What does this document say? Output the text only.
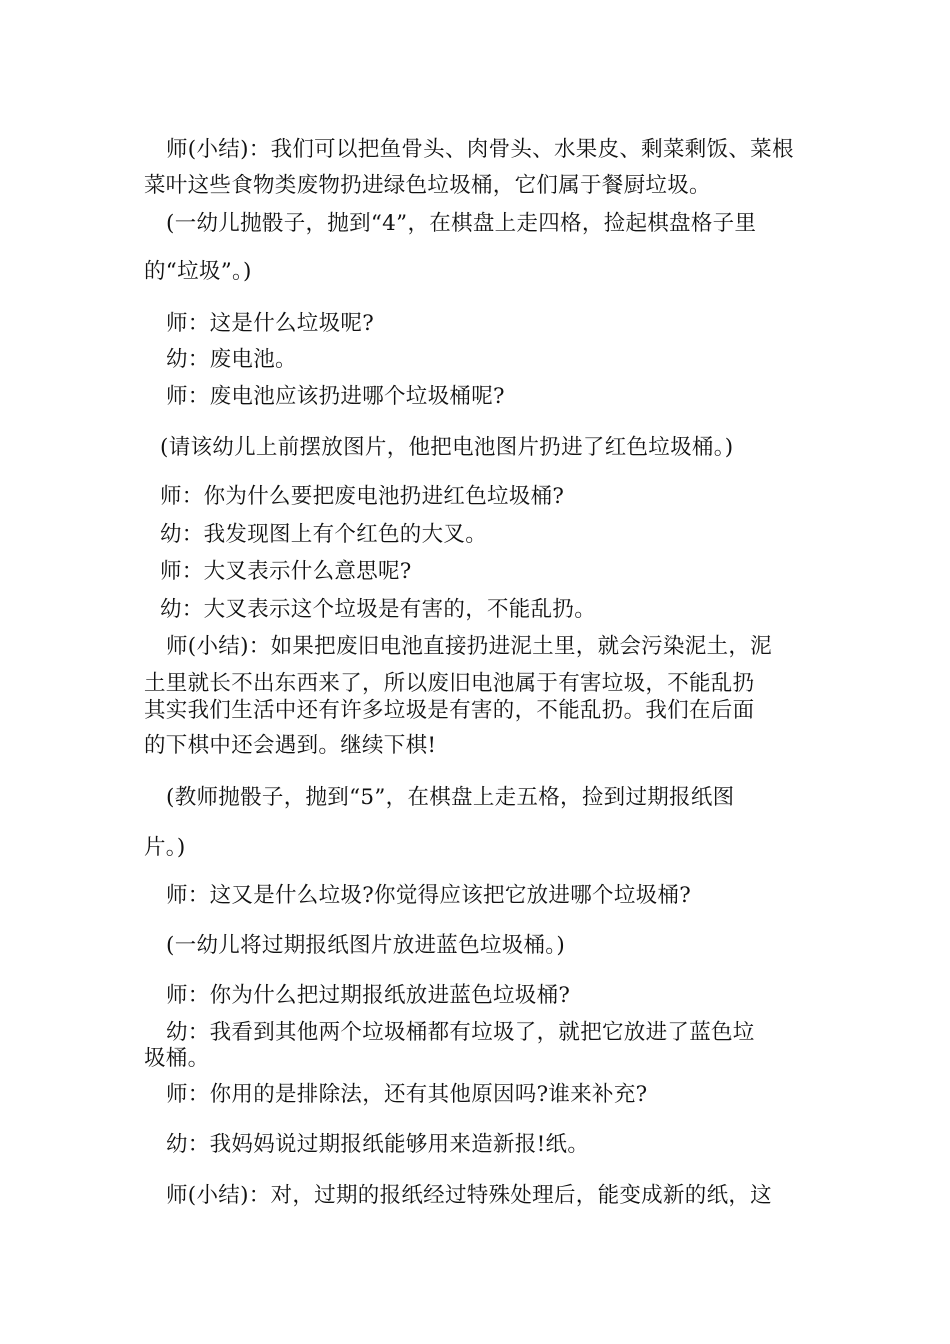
师(小结)：我们可以把鱼骨头、肉骨头、水果皮、剩菜剩饭、菜根
菜叶这些食物类废物扔进绿色垃圾桶，它们属于餐厨垃圾。
(一幼儿抛骰子，抛到“4”，在棋盘上走四格，捡起棋盘格子里
的“垃圾”。)
师：这是什么垃圾呢?
幼：废电池。
师：废电池应该扔进哪个垃圾桶呢?
(请该幼儿上前摆放图片，他把电池图片扔进了红色垃圾桶。)
师：你为什么要把废电池扔进红色垃圾桶?
幼：我发现图上有个红色的大叉。
师：大叉表示什么意思呢?
幼：大叉表示这个垃圾是有害的，不能乱扔。
师(小结)：如果把废旧电池直接扔进泥土里，就会污染泥土，泥
土里就长不出东西来了，所以废旧电池属于有害垃圾，不能乱扔
其实我们生活中还有许多垃圾是有害的，不能乱扔。我们在后面
的下棋中还会遇到。继续下棋!
(教师抛骰子，抛到“5”，在棋盘上走五格，捡到过期报纸图
片。)
师：这又是什么垃圾?你觉得应该把它放进哪个垃圾桶?
(一幼儿将过期报纸图片放进蓝色垃圾桶。)
师：你为什么把过期报纸放进蓝色垃圾桶?
幼：我看到其他两个垃圾桶都有垃圾了，就把它放进了蓝色垃
圾桶。
师：你用的是排除法，还有其他原因吗?谁来补充?
幼：我妈妈说过期报纸能够用来造新报!纸。
师(小结)：对，过期的报纸经过特殊处理后，能变成新的纸，这
